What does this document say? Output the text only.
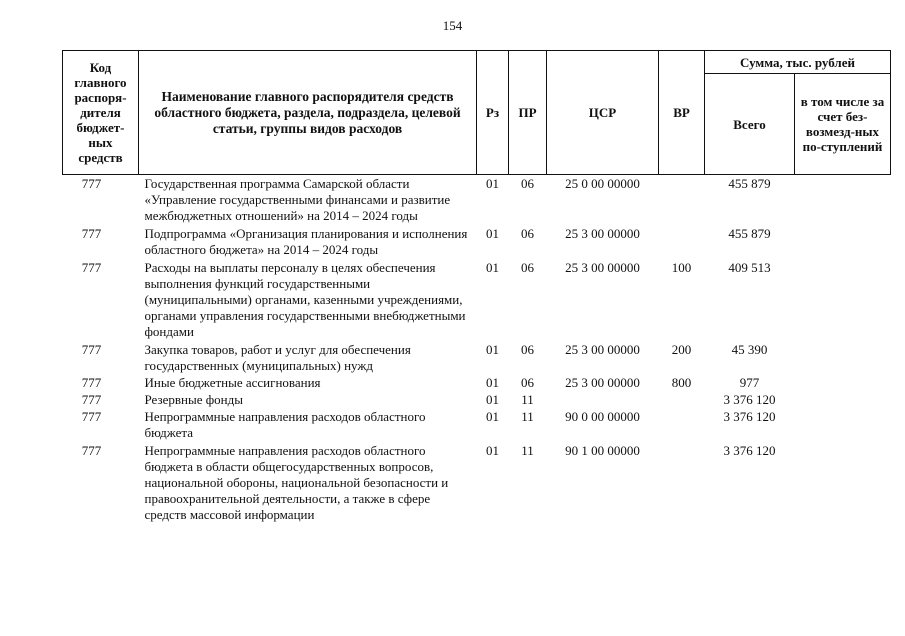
154
Код главного распоря-дителя бюджет-ных средств	Наименование главного распорядителя средств областного бюджета, раздела, подраздела, целевой статьи, группы видов расходов	Рз	ПР	ЦСР	ВР	Сумма, тыс. рублей	
						Всего	в том числе за счет без-возмезд-ных по-ступлений
777	Государственная программа Самарской области «Управление государственными финансами и развитие межбюджетных отношений» на 2014 – 2024 годы	01	06	25 0 00 00000		455 879	
777	Подпрограмма «Организация планирования и исполнения областного бюджета» на 2014 – 2024 годы	01	06	25 3 00 00000		455 879	
777	Расходы на выплаты персоналу в целях обеспечения выполнения функций государственными (муниципальными) органами, казенными учреждениями, органами управления государственными внебюджетными фондами	01	06	25 3 00 00000	100	409 513	
777	Закупка товаров, работ и услуг для обеспечения государственных (муниципальных) нужд	01	06	25 3 00 00000	200	45 390	
777	Иные бюджетные ассигнования	01	06	25 3 00 00000	800	977	
777	Резервные фонды	01	11			3 376 120	
777	Непрограммные направления расходов областного бюджета	01	11	90 0 00 00000		3 376 120	
777	Непрограммные направления расходов областного бюджета в области общегосударственных вопросов, национальной обороны, национальной безопасности и правоохранительной деятельности, а также в сфере средств массовой информации	01	11	90 1 00 00000		3 376 120	
